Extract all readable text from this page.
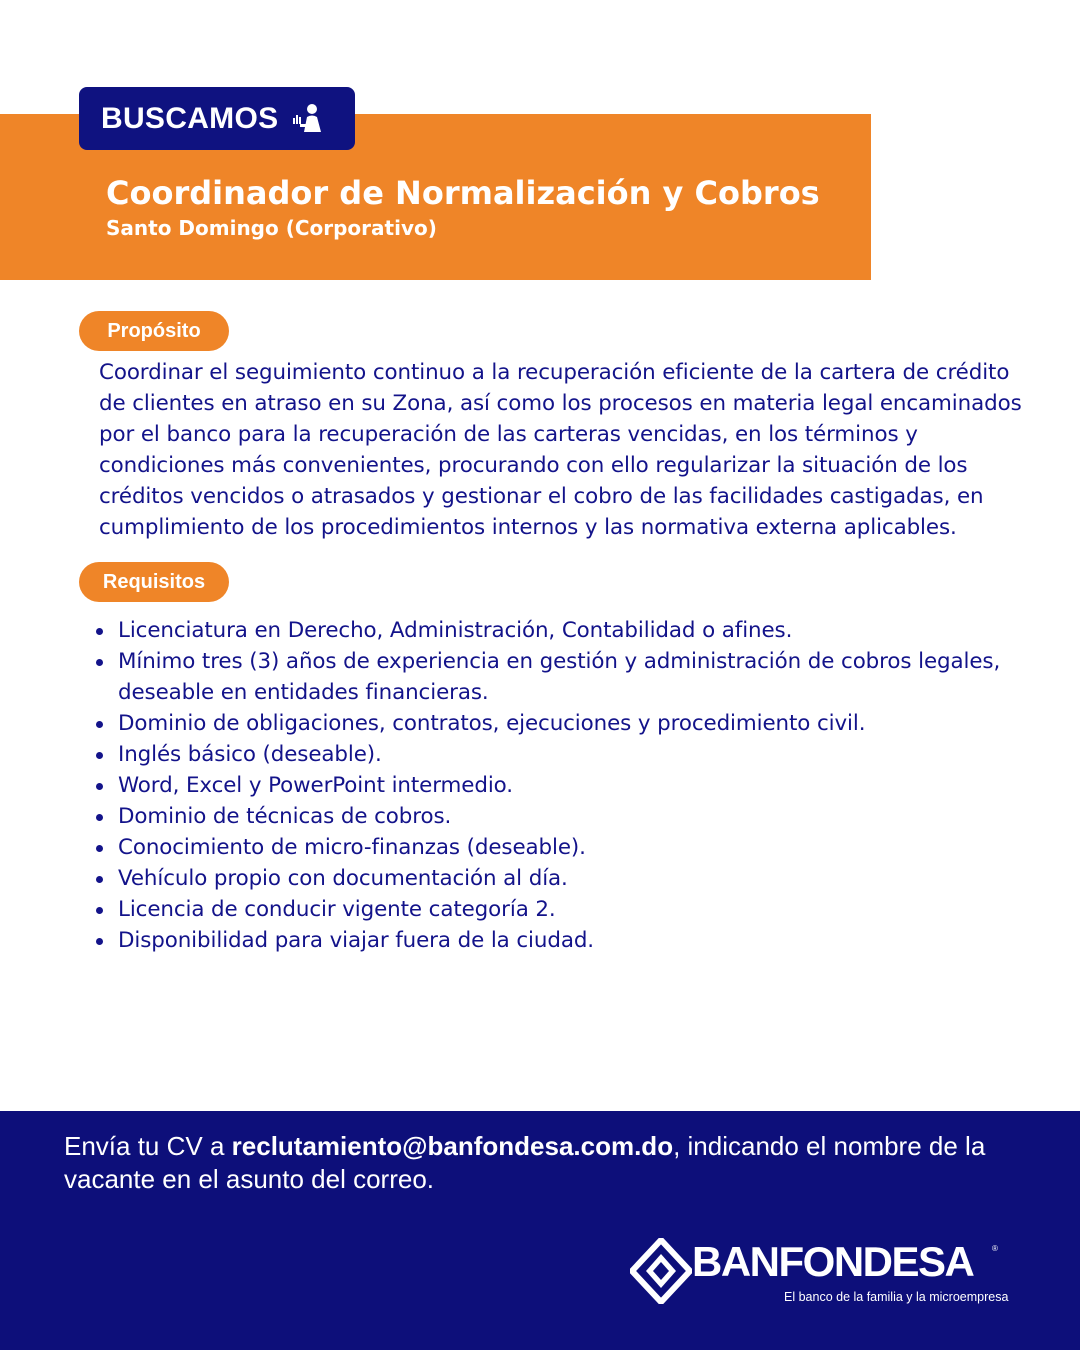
BUSCAMOS
Coordinador de Normalización y Cobros

Santo Domingo (Corporativo)

Propósito

Coordinar el seguimiento continuo a la recuperación eficiente de la cartera de crédito de clientes en atraso en su Zona, así como los procesos en materia legal encaminados por el banco para la recuperación de las carteras vencidas, en los términos y condiciones más convenientes, procurando con ello regularizar la situación de los créditos vencidos o atrasados y gestionar el cobro de las facilidades castigadas, en cumplimiento de los procedimientos internos y las normativa externa aplicables.

Requisitos
Licenciatura en Derecho, Administración, Contabilidad o afines.
Mínimo tres (3) años de experiencia en gestión y administración de cobros legales, deseable en entidades financieras.
Dominio de obligaciones, contratos, ejecuciones y procedimiento civil.
Inglés básico (deseable).
Word, Excel y PowerPoint intermedio.
Dominio de técnicas de cobros.
Conocimiento de micro-finanzas (deseable).
Vehículo propio con documentación al día.
Licencia de conducir vigente categoría 2.
Disponibilidad para viajar fuera de la ciudad.

Envía tu CV a reclutamiento@banfondesa.com.do, indicando el nombre de la vacante en el asunto del correo.

BANFONDESA ®
El banco de la familia y la microempresa
